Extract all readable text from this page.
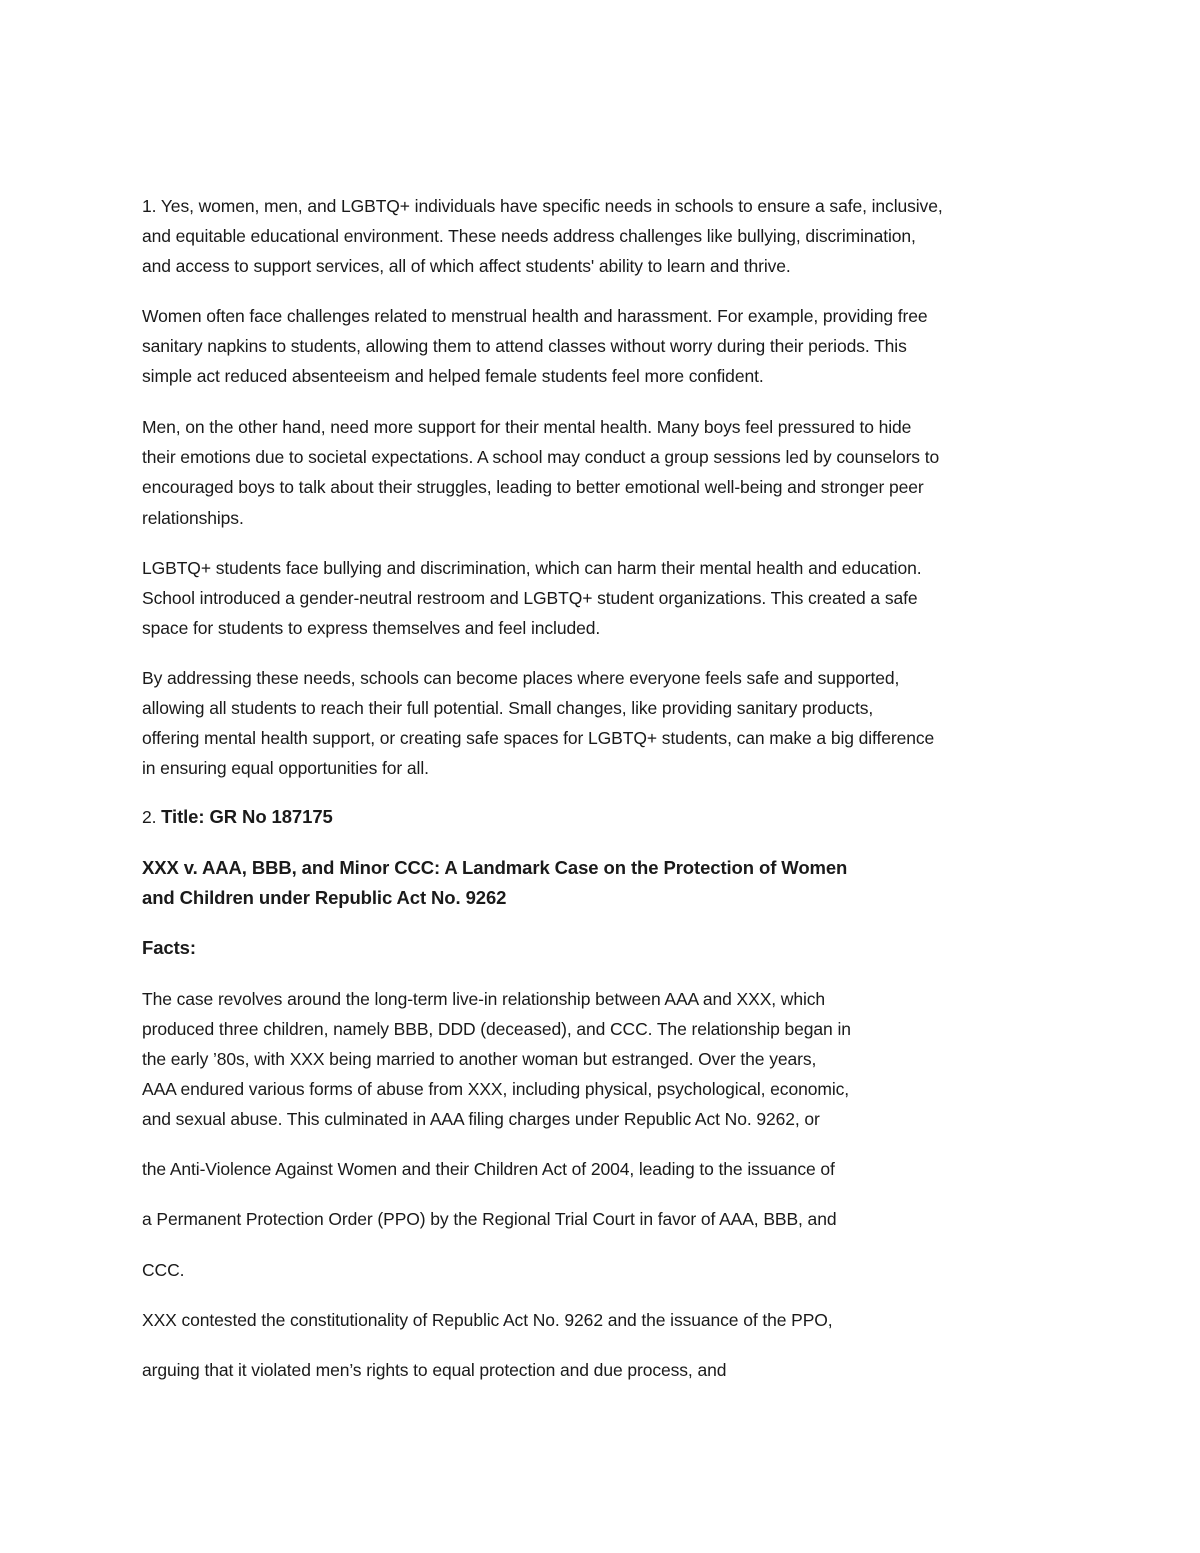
1. Yes, women, men, and LGBTQ+ individuals have specific needs in schools to ensure a safe, inclusive,
and equitable educational environment. These needs address challenges like bullying, discrimination,
and access to support services, all of which affect students' ability to learn and thrive.
Women often face challenges related to menstrual health and harassment. For example, providing free
sanitary napkins to students, allowing them to attend classes without worry during their periods. This
simple act reduced absenteeism and helped female students feel more confident.
Men, on the other hand, need more support for their mental health. Many boys feel pressured to hide
their emotions due to societal expectations. A school may conduct a group sessions led by counselors to
encouraged boys to talk about their struggles, leading to better emotional well-being and stronger peer
relationships.
LGBTQ+ students face bullying and discrimination, which can harm their mental health and education.
School introduced a gender-neutral restroom and LGBTQ+ student organizations. This created a safe
space for students to express themselves and feel included.
By addressing these needs, schools can become places where everyone feels safe and supported,
allowing all students to reach their full potential. Small changes, like providing sanitary products,
offering mental health support, or creating safe spaces for LGBTQ+ students, can make a big difference
in ensuring equal opportunities for all.
2. Title: GR No 187175
XXX v. AAA, BBB, and Minor CCC: A Landmark Case on the Protection of Women
and Children under Republic Act No. 9262
Facts:
The case revolves around the long-term live-in relationship between AAA and XXX, which
produced three children, namely BBB, DDD (deceased), and CCC. The relationship began in
the early ’80s, with XXX being married to another woman but estranged. Over the years,
AAA endured various forms of abuse from XXX, including physical, psychological, economic,
and sexual abuse. This culminated in AAA filing charges under Republic Act No. 9262, or
the Anti-Violence Against Women and their Children Act of 2004, leading to the issuance of
a Permanent Protection Order (PPO) by the Regional Trial Court in favor of AAA, BBB, and
CCC.
XXX contested the constitutionality of Republic Act No. 9262 and the issuance of the PPO,
arguing that it violated men’s rights to equal protection and due process, and
